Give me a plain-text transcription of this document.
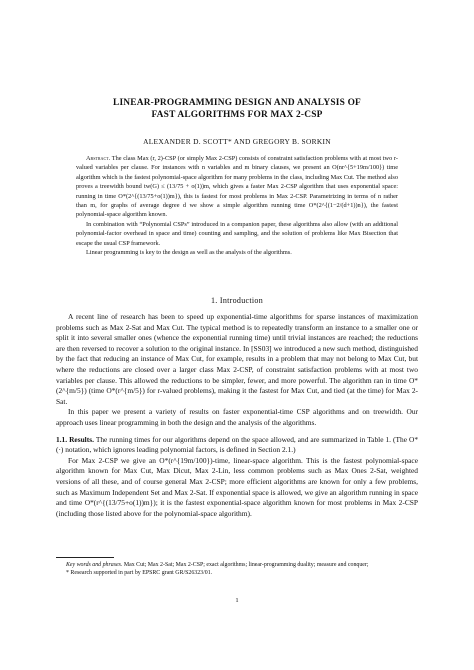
LINEAR-PROGRAMMING DESIGN AND ANALYSIS OF
FAST ALGORITHMS FOR MAX 2-CSP
ALEXANDER D. SCOTT* AND GREGORY B. SORKIN

Abstract. The class Max (r, 2)-CSP (or simply Max 2-CSP) consists of constraint satisfaction problems with at most two r-valued variables per clause. For instances with n variables and m binary clauses, we present an O(nr^{5+19m/100}) time algorithm which is the fastest polynomial-space algorithm for many problems in the class, including Max Cut. The method also proves a treewidth bound tw(G) ≤ (13/75 + o(1))m, which gives a faster Max 2-CSP algorithm that uses exponential space: running in time O*(2^{(13/75+o(1))m}), this is fastest for most problems in Max 2-CSP. Parametrizing in terms of n rather than m, for graphs of average degree d we show a simple algorithm running time O*(2^{(1−2/(d+1))n}), the fastest polynomial-space algorithm known.

In combination with “Polynomial CSPs” introduced in a companion paper, these algorithms also allow (with an additional polynomial-factor overhead in space and time) counting and sampling, and the solution of problems like Max Bisection that escape the usual CSP framework.

Linear programming is key to the design as well as the analysis of the algorithms.

1. Introduction

A recent line of research has been to speed up exponential-time algorithms for sparse instances of maximization problems such as Max 2-Sat and Max Cut. The typical method is to repeatedly transform an instance to a smaller one or split it into several smaller ones (whence the exponential running time) until trivial instances are reached; the reductions are then reversed to recover a solution to the original instance. In [SS03] we introduced a new such method, distinguished by the fact that reducing an instance of Max Cut, for example, results in a problem that may not belong to Max Cut, but where the reductions are closed over a larger class Max 2-CSP, of constraint satisfaction problems with at most two variables per clause. This allowed the reductions to be simpler, fewer, and more powerful. The algorithm ran in time O*(2^{m/5}) (time O*(r^{m/5}) for r-valued problems), making it the fastest for Max Cut, and tied (at the time) for Max 2-Sat.

In this paper we present a variety of results on faster exponential-time CSP algorithms and on treewidth. Our approach uses linear programming in both the design and the analysis of the algorithms.

1.1. Results. The running times for our algorithms depend on the space allowed, and are summarized in Table 1. (The O*(·) notation, which ignores leading polynomial factors, is defined in Section 2.1.)

For Max 2-CSP we give an O*(r^{19m/100})-time, linear-space algorithm. This is the fastest polynomial-space algorithm known for Max Cut, Max Dicut, Max 2-Lin, less common problems such as Max Ones 2-Sat, weighted versions of all these, and of course general Max 2-CSP; more efficient algorithms are known for only a few problems, such as Maximum Independent Set and Max 2-Sat. If exponential space is allowed, we give an algorithm running in space and time O*(r^{(13/75+o(1))m}); it is the fastest exponential-space algorithm known for most problems in Max 2-CSP (including those listed above for the polynomial-space algorithm).

Key words and phrases. Max Cut; Max 2-Sat; Max 2-CSP; exact algorithms; linear-programming duality; measure and conquer;

* Research supported in part by EPSRC grant GR/S26323/01.

1
